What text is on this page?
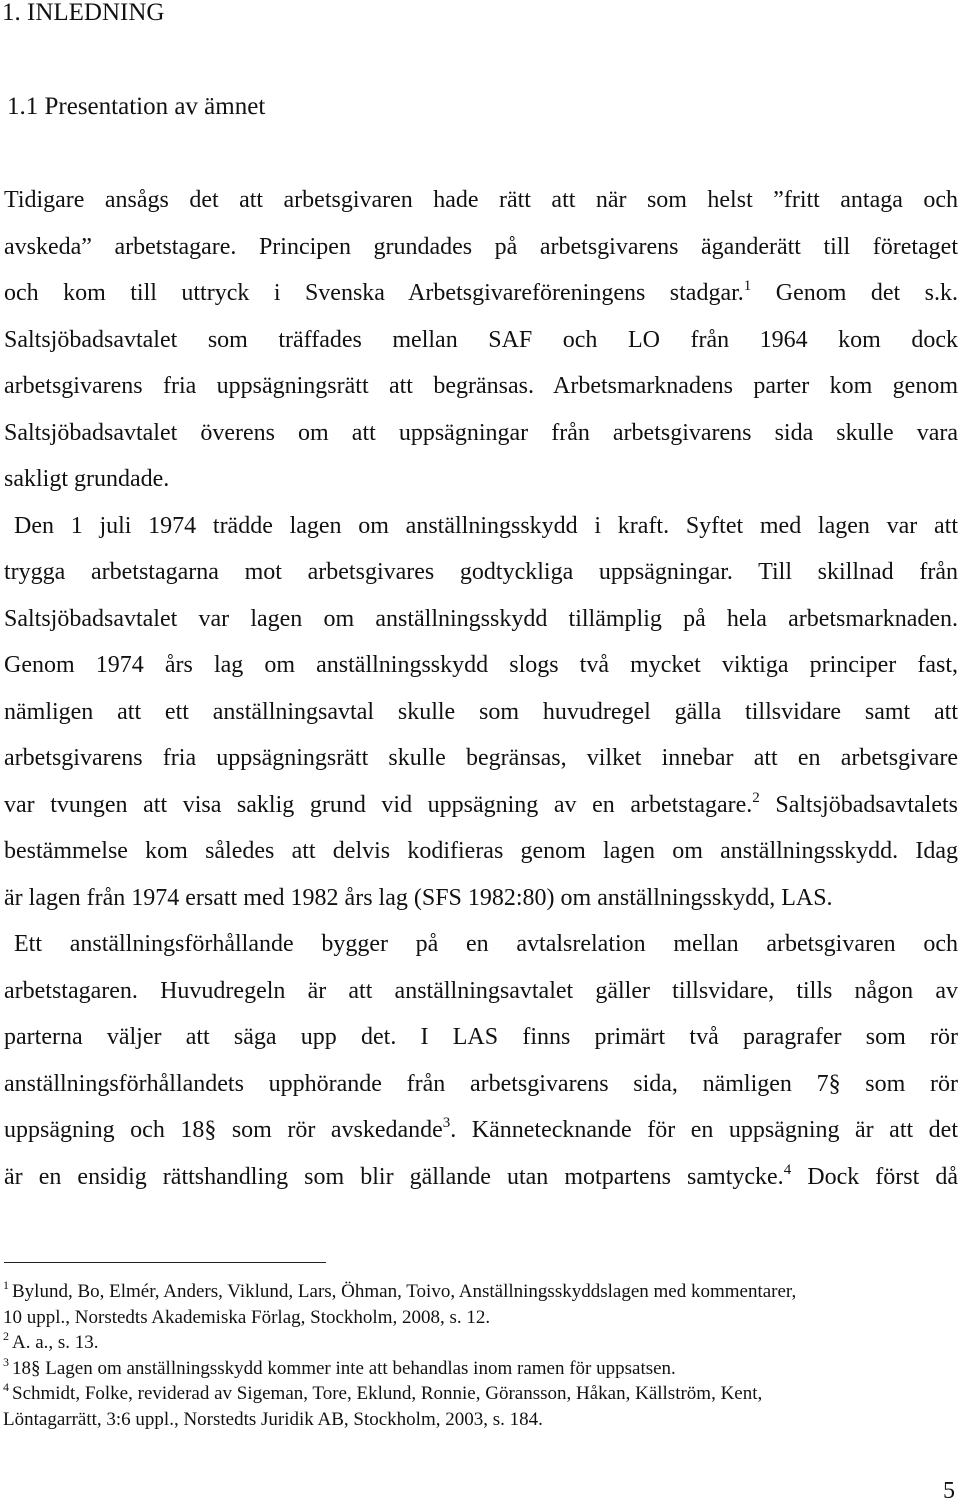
1. INLEDNING
1.1 Presentation av ämnet
Tidigare ansågs det att arbetsgivaren hade rätt att när som helst ”fritt antaga och
avskeda” arbetstagare. Principen grundades på arbetsgivarens äganderätt till företaget
och kom till uttryck i Svenska Arbetsgivareföreningens stadgar.$^1$ Genom det s.k.
Saltsjöbadsavtalet som träffades mellan SAF och LO från 1964 kom dock
arbetsgivarens fria uppsägningsrätt att begränsas. Arbetsmarknadens parter kom genom
Saltsjöbadsavtalet överens om att uppsägningar från arbetsgivarens sida skulle vara
sakligt grundade.
Den 1 juli 1974 trädde lagen om anställningsskydd i kraft. Syftet med lagen var att
trygga arbetstagarna mot arbetsgivares godtyckliga uppsägningar. Till skillnad från
Saltsjöbadsavtalet var lagen om anställningsskydd tillämplig på hela arbetsmarknaden.
Genom 1974 års lag om anställningsskydd slogs två mycket viktiga principer fast,
nämligen att ett anställningsavtal skulle som huvudregel gälla tillsvidare samt att
arbetsgivarens fria uppsägningsrätt skulle begränsas, vilket innebar att en arbetsgivare
var tvungen att visa saklig grund vid uppsägning av en arbetstagare.$^2$ Saltsjöbadsavtalets
bestämmelse kom således att delvis kodifieras genom lagen om anställningsskydd. Idag
är lagen från 1974 ersatt med 1982 års lag (SFS 1982:80) om anställningsskydd, LAS.
Ett anställningsförhållande bygger på en avtalsrelation mellan arbetsgivaren och
arbetstagaren. Huvudregeln är att anställningsavtalet gäller tillsvidare, tills någon av
parterna väljer att säga upp det. I LAS finns primärt två paragrafer som rör
anställningsförhållandets upphörande från arbetsgivarens sida, nämligen 7§ som rör
uppsägning och 18§ som rör avskedande$^3$. Kännetecknande för en uppsägning är att det
är en ensidig rättshandling som blir gällande utan motpartens samtycke.$^4$ Dock först då
$^1$ Bylund, Bo, Elmér, Anders, Viklund, Lars, Öhman, Toivo, Anställningsskyddslagen med kommentarer,
10 uppl., Norstedts Akademiska Förlag, Stockholm, 2008, s. 12.
$^2$ A. a., s. 13.
$^3$ 18§ Lagen om anställningsskydd kommer inte att behandlas inom ramen för uppsatsen.
$^4$ Schmidt, Folke, reviderad av Sigeman, Tore, Eklund, Ronnie, Göransson, Håkan, Källström, Kent,
Löntagarrätt, 3:6 uppl., Norstedts Juridik AB, Stockholm, 2003, s. 184.
5
